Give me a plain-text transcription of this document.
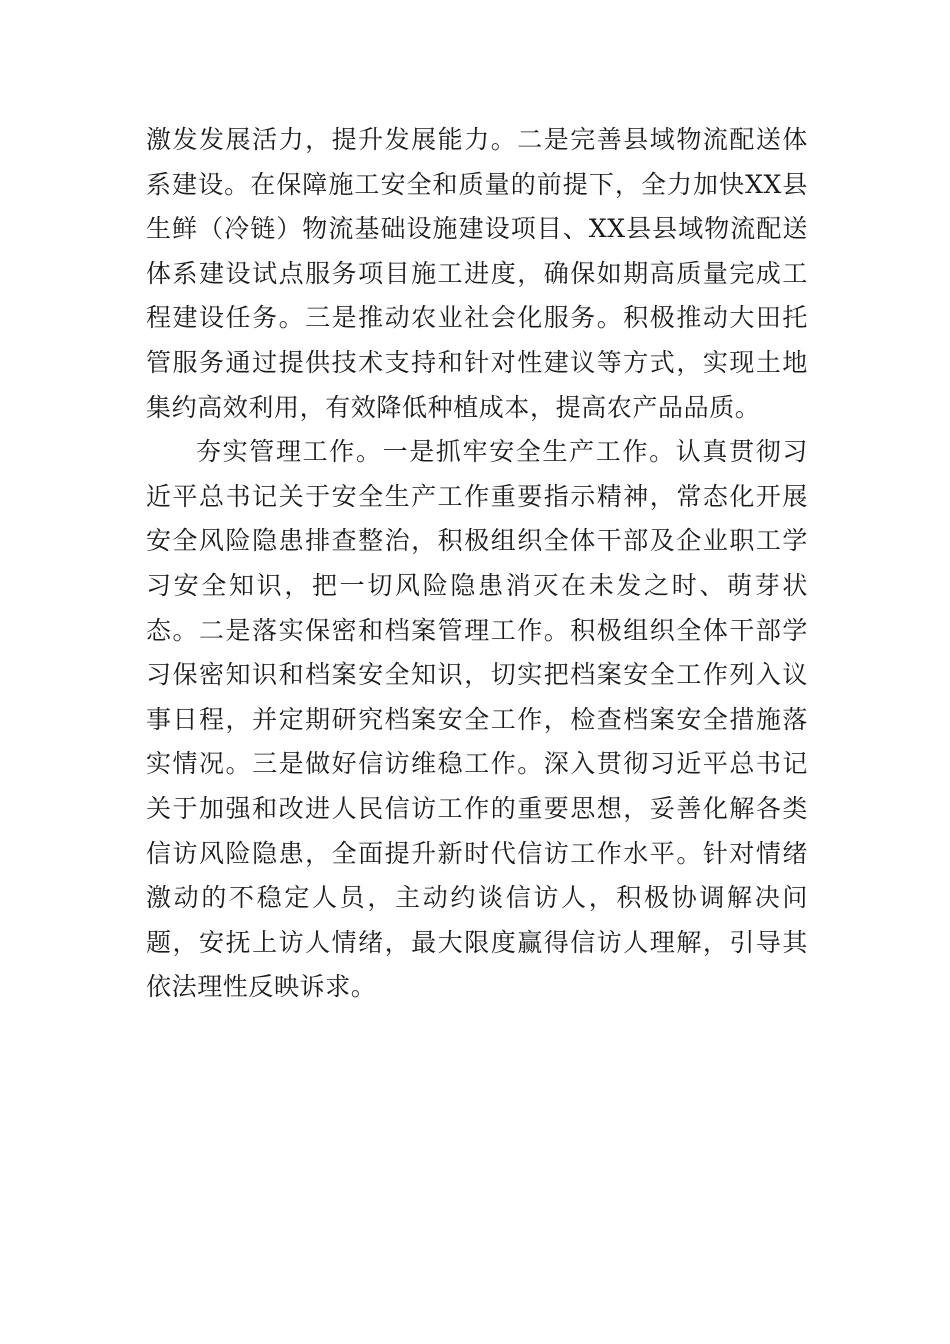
激发发展活力，提升发展能力。二是完善县域物流配送体系建设。在保障施工安全和质量的前提下，全力加快XX县生鲜（冷链）物流基础设施建设项目、XX县县域物流配送体系建设试点服务项目施工进度，确保如期高质量完成工程建设任务。三是推动农业社会化服务。积极推动大田托管服务通过提供技术支持和针对性建议等方式，实现土地集约高效利用，有效降低种植成本，提高农产品品质。

夯实管理工作。一是抓牢安全生产工作。认真贯彻习近平总书记关于安全生产工作重要指示精神，常态化开展安全风险隐患排查整治，积极组织全体干部及企业职工学习安全知识，把一切风险隐患消灭在未发之时、萌芽状态。二是落实保密和档案管理工作。积极组织全体干部学习保密知识和档案安全知识，切实把档案安全工作列入议事日程，并定期研究档案安全工作，检查档案安全措施落实情况。三是做好信访维稳工作。深入贯彻习近平总书记关于加强和改进人民信访工作的重要思想，妥善化解各类信访风险隐患，全面提升新时代信访工作水平。针对情绪激动的不稳定人员，主动约谈信访人，积极协调解决问题，安抚上访人情绪，最大限度赢得信访人理解，引导其依法理性反映诉求。
